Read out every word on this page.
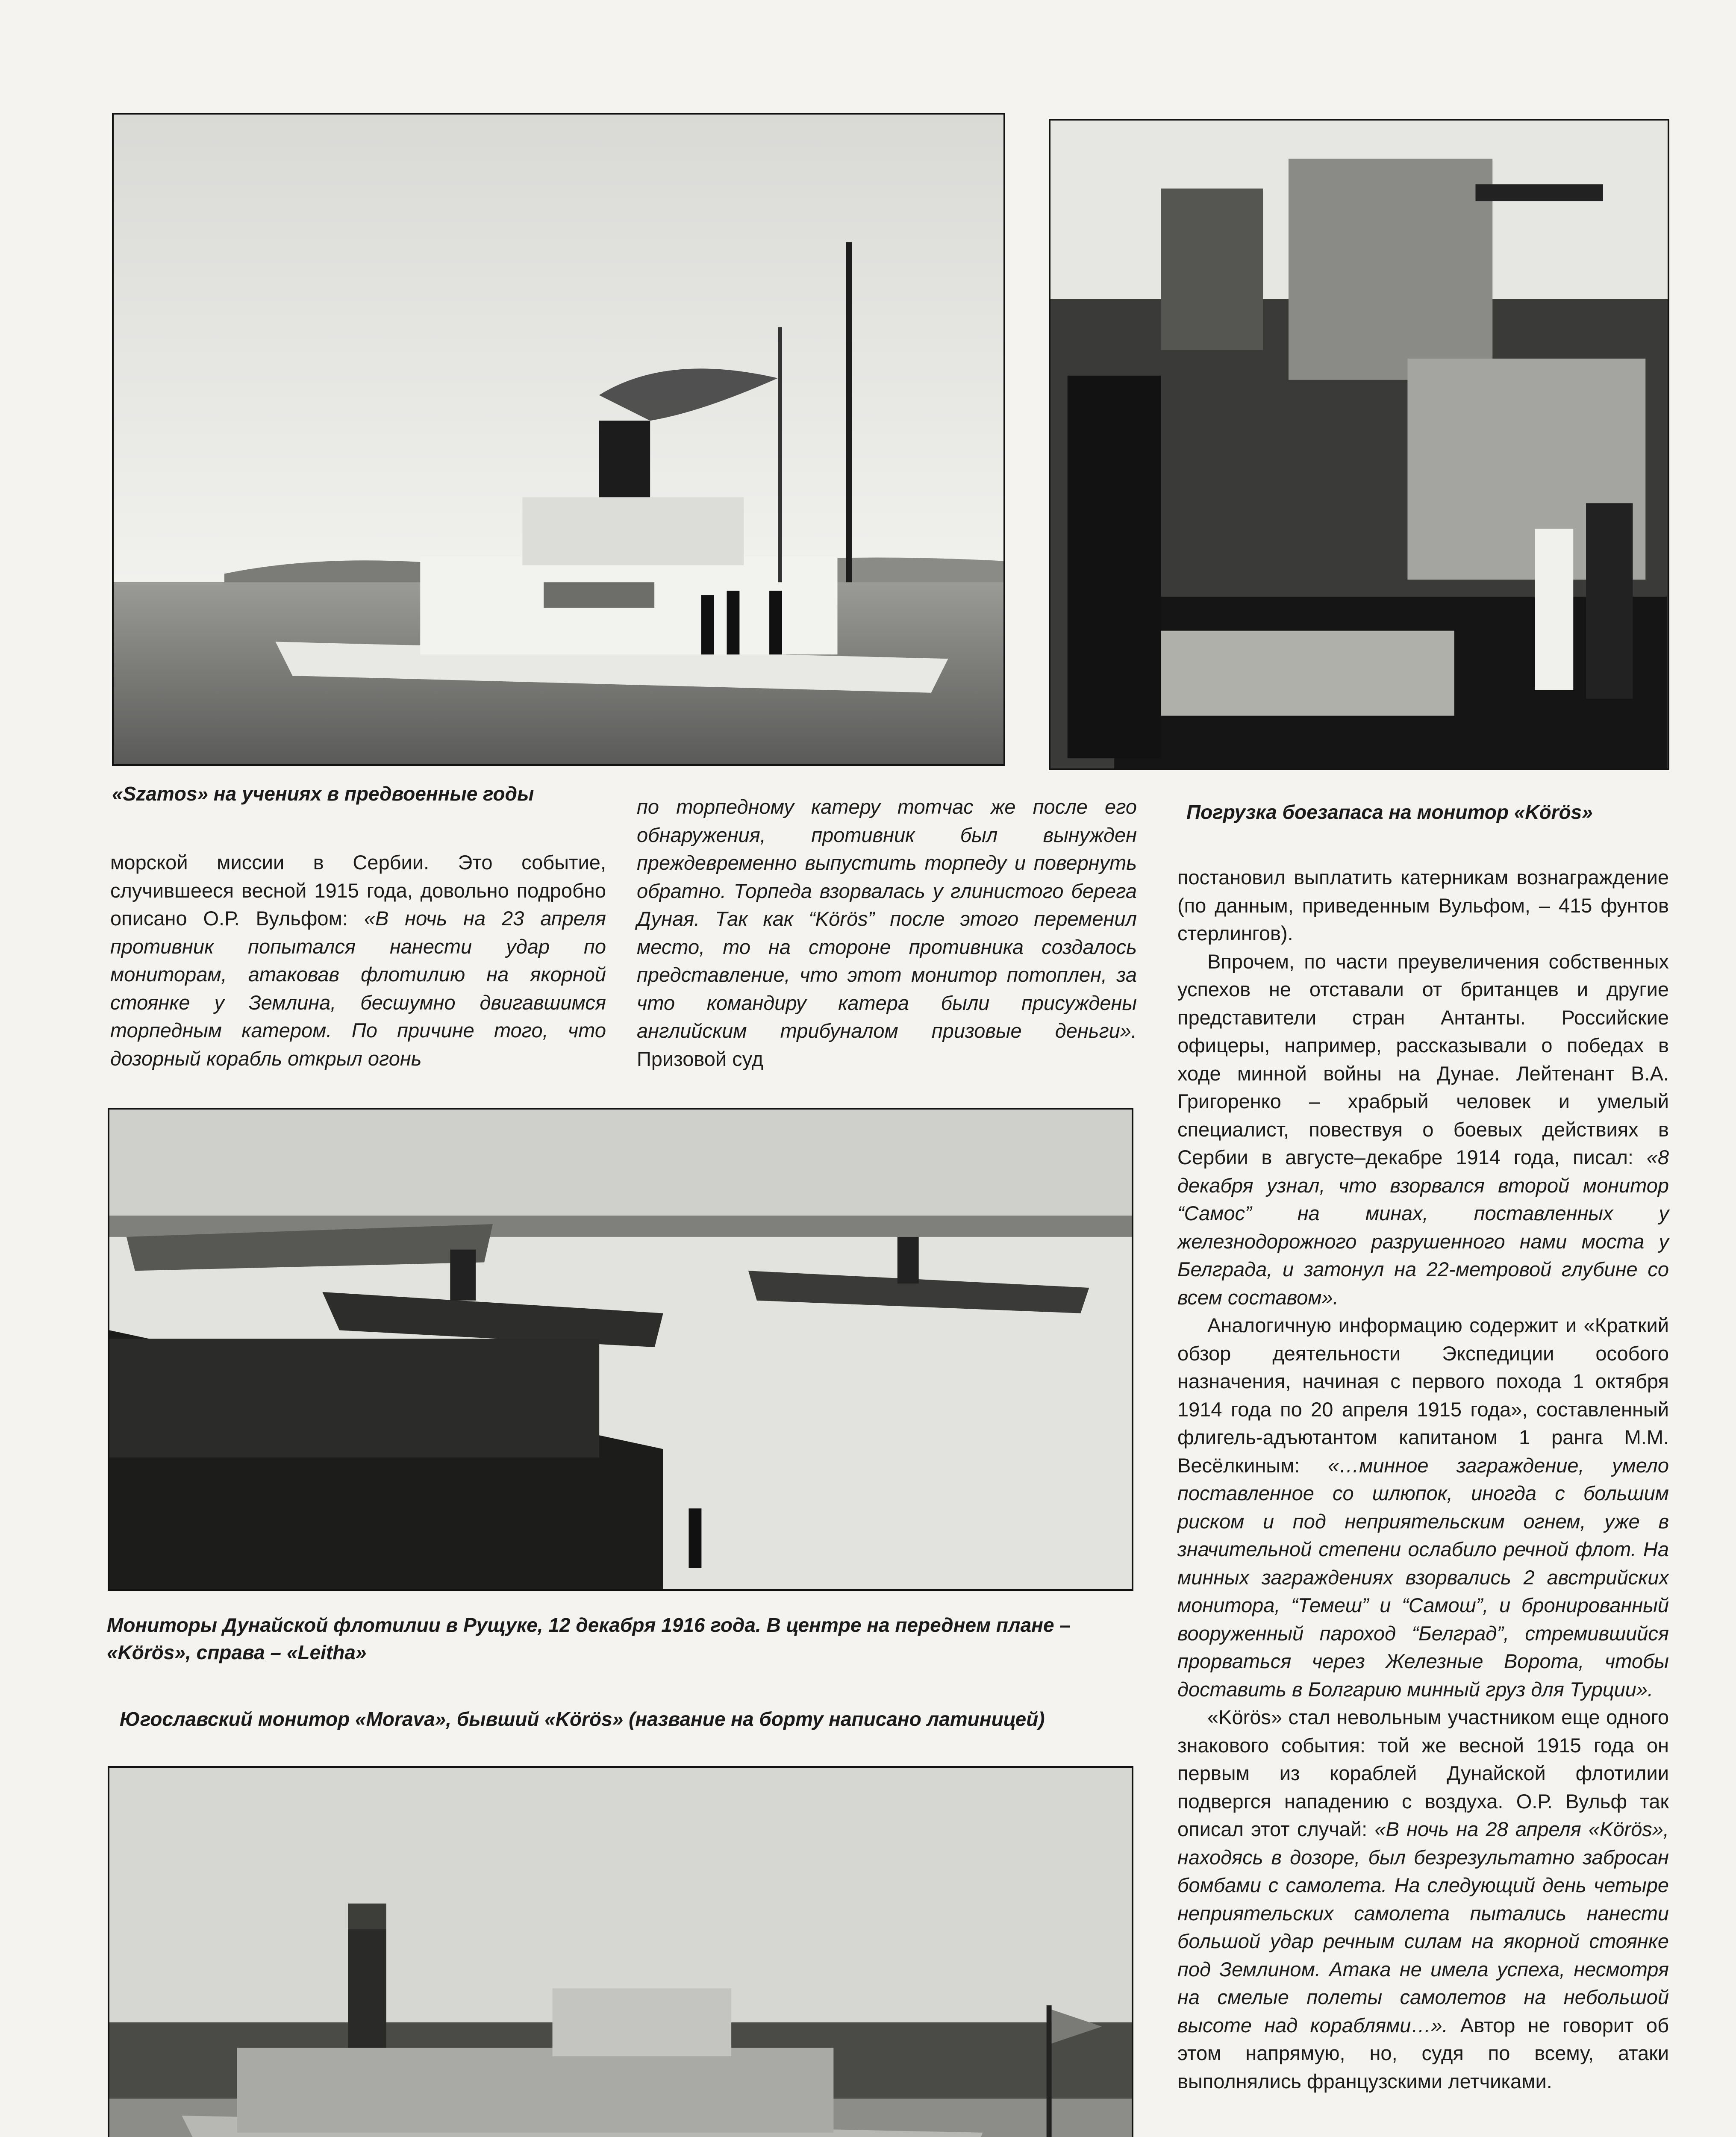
«Szamos» на учениях в предвоенные годы
Погрузка боезапаса на монитор «Körös»

морской миссии в Сербии. Это событие, случившееся весной 1915 года, довольно подробно описано О.Р. Вульфом: «В ночь на 23 апреля противник попытался нанести удар по мониторам, атаковав флотилию на якорной стоянке у Землина, бесшумно двигавшимся торпедным катером. По причине того, что дозорный корабль открыл огонь

по торпедному катеру тотчас же после его обнаружения, противник был вынужден преждевременно выпустить торпеду и повернуть обратно. Торпеда взорвалась у глинистого берега Дуная. Так как “Körös” после этого переменил место, то на стороне противника создалось представление, что этот монитор потоплен, за что командиру катера были присуждены английским трибуналом призовые деньги». Призовой суд

Мониторы Дунайской флотилии в Рущуке, 12 декабря 1916 года. В центре на переднем плане – «Körös», справа – «Leitha»
Югославский монитор «Morava», бывший «Körös» (название на борту написано латиницей)

постановил выплатить катерникам вознаграждение (по данным, приведенным Вульфом, – 415 фунтов стерлингов).

Впрочем, по части преувеличения собственных успехов не отставали от британцев и другие представители стран Антанты. Российские офицеры, например, рассказывали о победах в ходе минной войны на Дунае. Лейтенант В.А. Григоренко – храбрый человек и умелый специалист, повествуя о боевых действиях в Сербии в августе–декабре 1914 года, писал: «8 декабря узнал, что взорвался второй монитор “Самос” на минах, поставленных у железнодорожного разрушенного нами моста у Белграда, и затонул на 22-метровой глубине со всем составом».

Аналогичную информацию содержит и «Краткий обзор деятельности Экспедиции особого назначения, начиная с первого похода 1 октября 1914 года по 20 апреля 1915 года», составленный флигель-адъютантом капитаном 1 ранга М.М. Весёлкиным: «…минное заграждение, умело поставленное со шлюпок, иногда с большим риском и под неприятельским огнем, уже в значительной степени ослабило речной флот. На минных заграждениях взорвались 2 австрийских монитора, “Темеш” и “Самош”, и бронированный вооруженный пароход “Белград”, стремившийся прорваться через Железные Ворота, чтобы доставить в Болгарию минный груз для Турции».

«Körös» стал невольным участником еще одного знакового события: той же весной 1915 года он первым из кораблей Дунайской флотилии подвергся нападению с воздуха. О.Р. Вульф так описал этот случай: «В ночь на 28 апреля «Körös», находясь в дозоре, был безрезультатно забросан бомбами с самолета. На следующий день четыре неприятельских самолета пытались нанести большой удар речным силам на якорной стоянке под Землином. Атака не имела успеха, несмотря на смелые полеты самолетов на небольшой высоте над кораблями…». Автор не говорит об этом напрямую, но, судя по всему, атаки выполнялись французскими летчиками.
